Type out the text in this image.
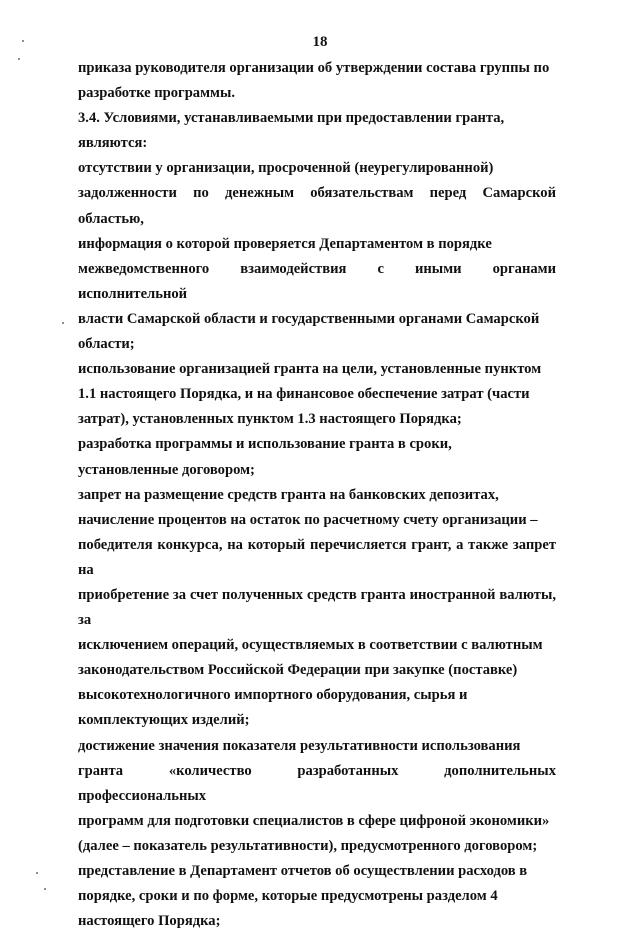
18

приказа руководителя организации об утверждении состава группы по
разработке программы.

3.4. Условиями, устанавливаемыми при предоставлении гранта,
являются:

отсутствии у организации, просроченной (неурегулированной)
задолженности по денежным обязательствам перед Самарской областью,
информация о которой проверяется Департаментом в порядке
межведомственного взаимодействия с иными органами исполнительной
власти Самарской области и государственными органами Самарской
области;

использование организацией гранта на цели, установленные пунктом
1.1 настоящего Порядка, и на финансовое обеспечение затрат (части
затрат), установленных пунктом 1.3 настоящего Порядка;

разработка программы и использование гранта в сроки,
установленные договором;

запрет на размещение средств гранта на банковских депозитах,
начисление процентов на остаток по расчетному счету организации –
победителя конкурса, на который перечисляется грант, а также запрет на
приобретение за счет полученных средств гранта иностранной валюты, за
исключением операций, осуществляемых в соответствии с валютным
законодательством Российской Федерации при закупке (поставке)
высокотехнологичного импортного оборудования, сырья и
комплектующих изделий;

достижение значения показателя результативности использования
гранта «количество разработанных дополнительных профессиональных
программ для подготовки специалистов в сфере цифроной экономики»
(далее – показатель результативности), предусмотренного договором;

представление в Департамент отчетов об осуществлении расходов в
порядке, сроки и по форме, которые предусмотрены разделом 4
настоящего Порядка;
